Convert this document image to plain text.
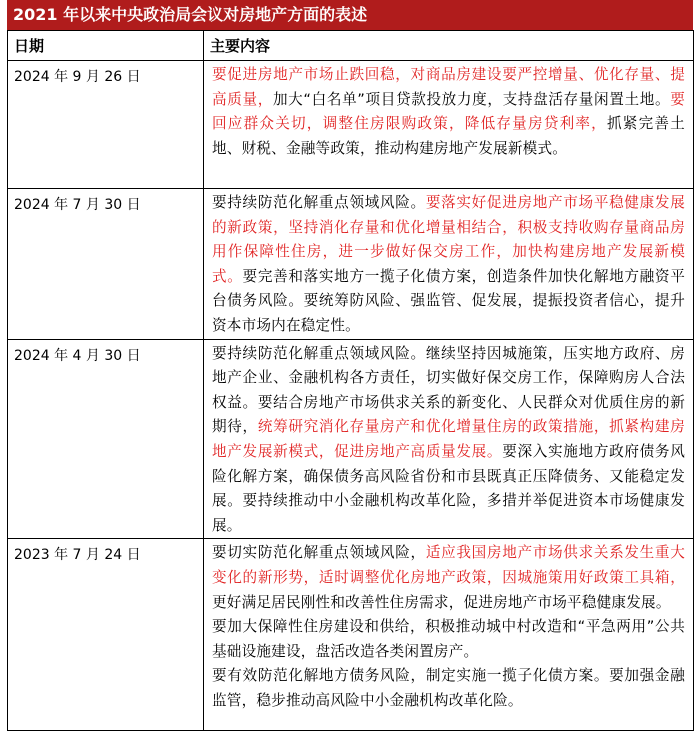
2021 年以来中央政治局会议对房地产方面的表述
日期	主要内容
2024 年 9 月 26 日	要促进房地产市场止跌回稳，对商品房建设要严控增量、优化存量、提高质量，加大“白名单”项目贷款投放力度，支持盘活存量闲置土地。要回应群众关切，调整住房限购政策，降低存量房贷利率，抓紧完善土地、财税、金融等政策，推动构建房地产发展新模式。

2024 年 7 月 30 日	要持续防范化解重点领域风险。要落实好促进房地产市场平稳健康发展的新政策，坚持消化存量和优化增量相结合，积极支持收购存量商品房用作保障性住房，进一步做好保交房工作，加快构建房地产发展新模式。要完善和落实地方一揽子化债方案，创造条件加快化解地方融资平台债务风险。要统筹防风险、强监管、促发展，提振投资者信心，提升资本市场内在稳定性。

2024 年 4 月 30 日	要持续防范化解重点领域风险。继续坚持因城施策，压实地方政府、房地产企业、金融机构各方责任，切实做好保交房工作，保障购房人合法权益。要结合房地产市场供求关系的新变化、人民群众对优质住房的新期待，统筹研究消化存量房产和优化增量住房的政策措施，抓紧构建房地产发展新模式，促进房地产高质量发展。要深入实施地方政府债务风险化解方案，确保债务高风险省份和市县既真正压降债务、又能稳定发展。要持续推动中小金融机构改革化险，多措并举促进资本市场健康发展。

2023 年 7 月 24 日	要切实防范化解重点领域风险，适应我国房地产市场供求关系发生重大变化的新形势，适时调整优化房地产政策，因城施策用好政策工具箱，更好满足居民刚性和改善性住房需求，促进房地产市场平稳健康发展。
要加大保障性住房建设和供给，积极推动城中村改造和“平急两用”公共基础设施建设，盘活改造各类闲置房产。
要有效防范化解地方债务风险，制定实施一揽子化债方案。要加强金融监管，稳步推动高风险中小金融机构改革化险。
